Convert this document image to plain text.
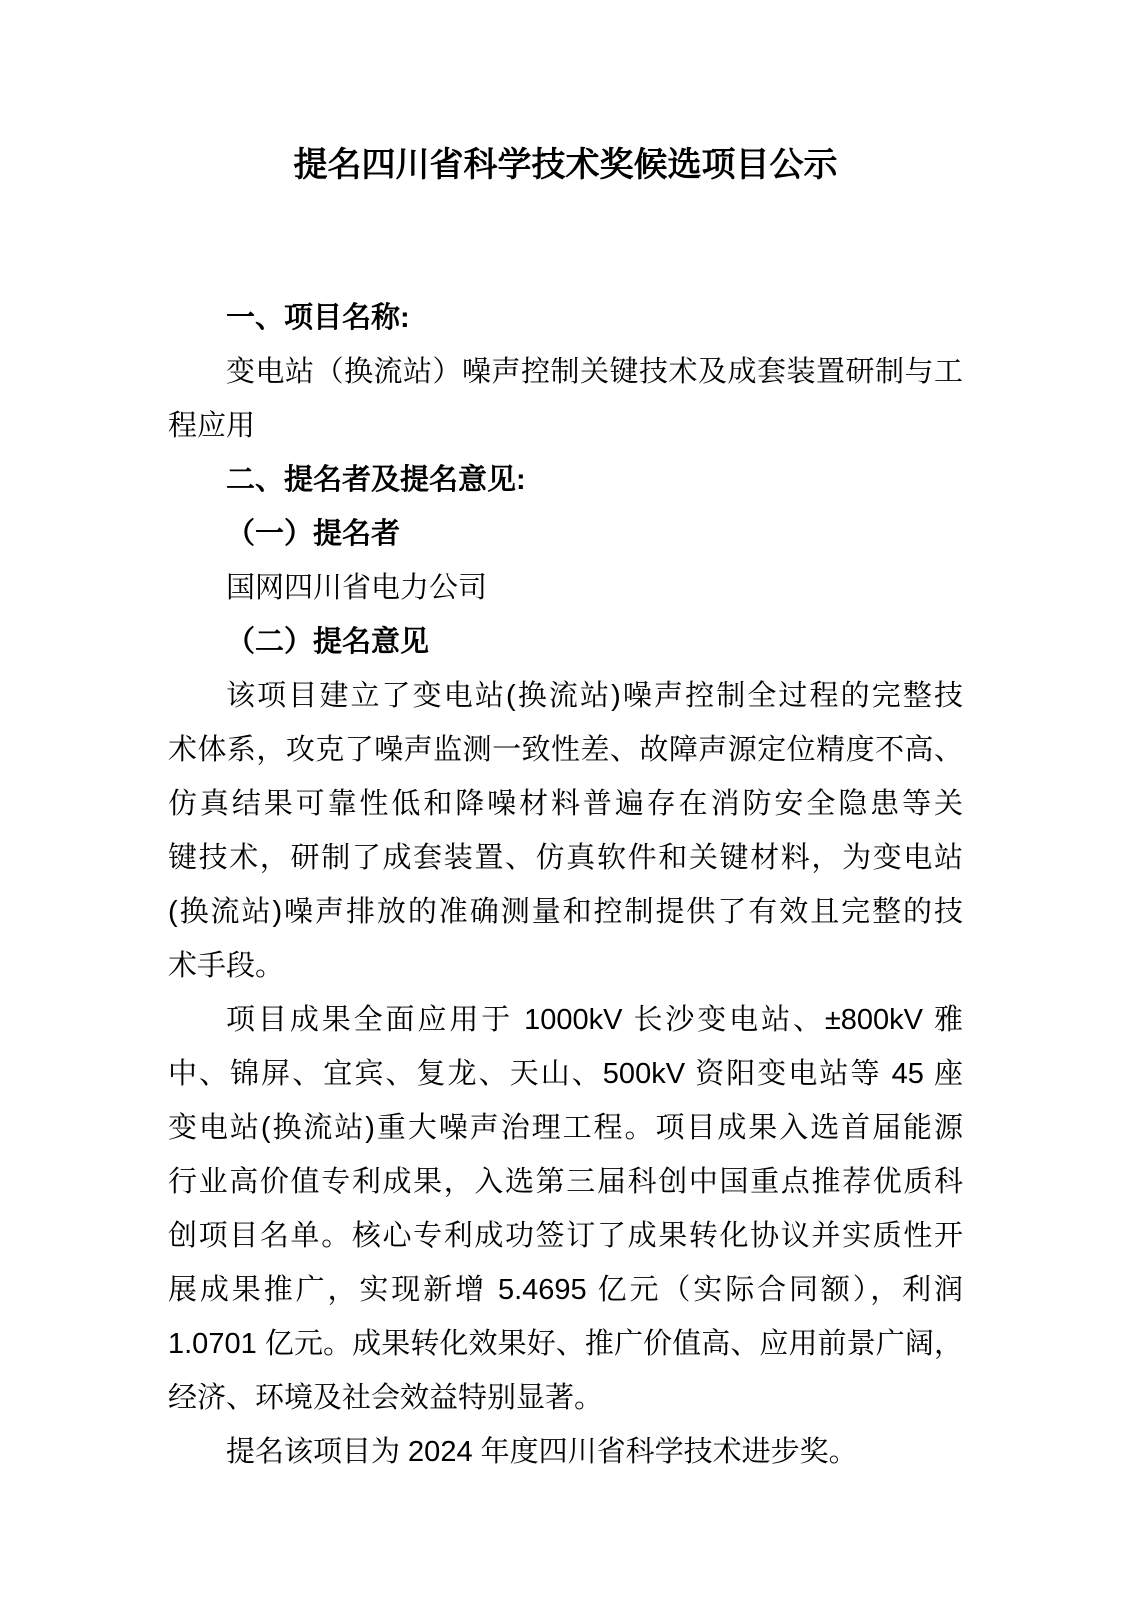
提名四川省科学技术奖候选项目公示
一、项目名称:
变电站（换流站）噪声控制关键技术及成套装置研制与工
程应用
二、提名者及提名意见:
（一）提名者
国网四川省电力公司
（二）提名意见
该项目建立了变电站(换流站)噪声控制全过程的完整技
术体系，攻克了噪声监测一致性差、故障声源定位精度不高、
仿真结果可靠性低和降噪材料普遍存在消防安全隐患等关
键技术，研制了成套装置、仿真软件和关键材料，为变电站
(换流站)噪声排放的准确测量和控制提供了有效且完整的技
术手段。
项目成果全面应用于 1000kV 长沙变电站、±800kV 雅
中、锦屏、宜宾、复龙、天山、500kV 资阳变电站等 45 座
变电站(换流站)重大噪声治理工程。项目成果入选首届能源
行业高价值专利成果，入选第三届科创中国重点推荐优质科
创项目名单。核心专利成功签订了成果转化协议并实质性开
展成果推广，实现新增 5.4695 亿元（实际合同额），利润
1.0701 亿元。成果转化效果好、推广价值高、应用前景广阔，
经济、环境及社会效益特别显著。
提名该项目为 2024 年度四川省科学技术进步奖。
